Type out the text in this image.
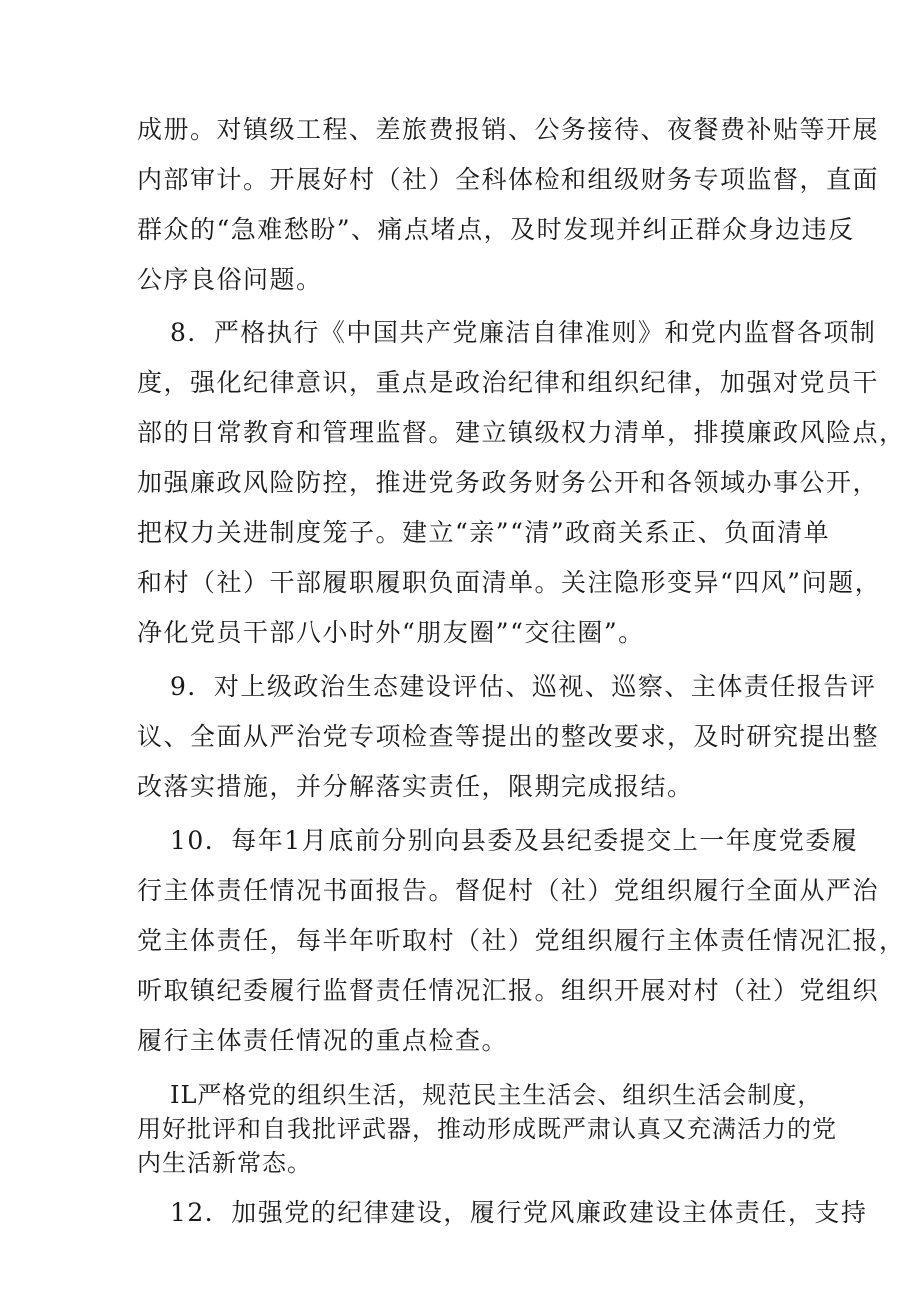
成册。对镇级工程、差旅费报销、公务接待、夜餐费补贴等开展
内部审计。开展好村（社）全科体检和组级财务专项监督，直面
群众的“急难愁盼”、痛点堵点，及时发现并纠正群众身边违反
公序良俗问题。
8．严格执行《中国共产党廉洁自律准则》和党内监督各项制
度，强化纪律意识，重点是政治纪律和组织纪律，加强对党员干
部的日常教育和管理监督。建立镇级权力清单，排摸廉政风险点，
加强廉政风险防控，推进党务政务财务公开和各领域办事公开，
把权力关进制度笼子。建立“亲”“清”政商关系正、负面清单
和村（社）干部履职履职负面清单。关注隐形变异“四风”问题，
净化党员干部八小时外“朋友圈”“交往圈”。
9．对上级政治生态建设评估、巡视、巡察、主体责任报告评
议、全面从严治党专项检查等提出的整改要求，及时研究提出整
改落实措施，并分解落实责任，限期完成报结。
10．每年1月底前分别向县委及县纪委提交上一年度党委履
行主体责任情况书面报告。督促村（社）党组织履行全面从严治
党主体责任，每半年听取村（社）党组织履行主体责任情况汇报，
听取镇纪委履行监督责任情况汇报。组织开展对村（社）党组织
履行主体责任情况的重点检查。
IL严格党的组织生活，规范民主生活会、组织生活会制度，
用好批评和自我批评武器，推动形成既严肃认真又充满活力的党
内生活新常态。
12．加强党的纪律建设，履行党风廉政建设主体责任，支持
